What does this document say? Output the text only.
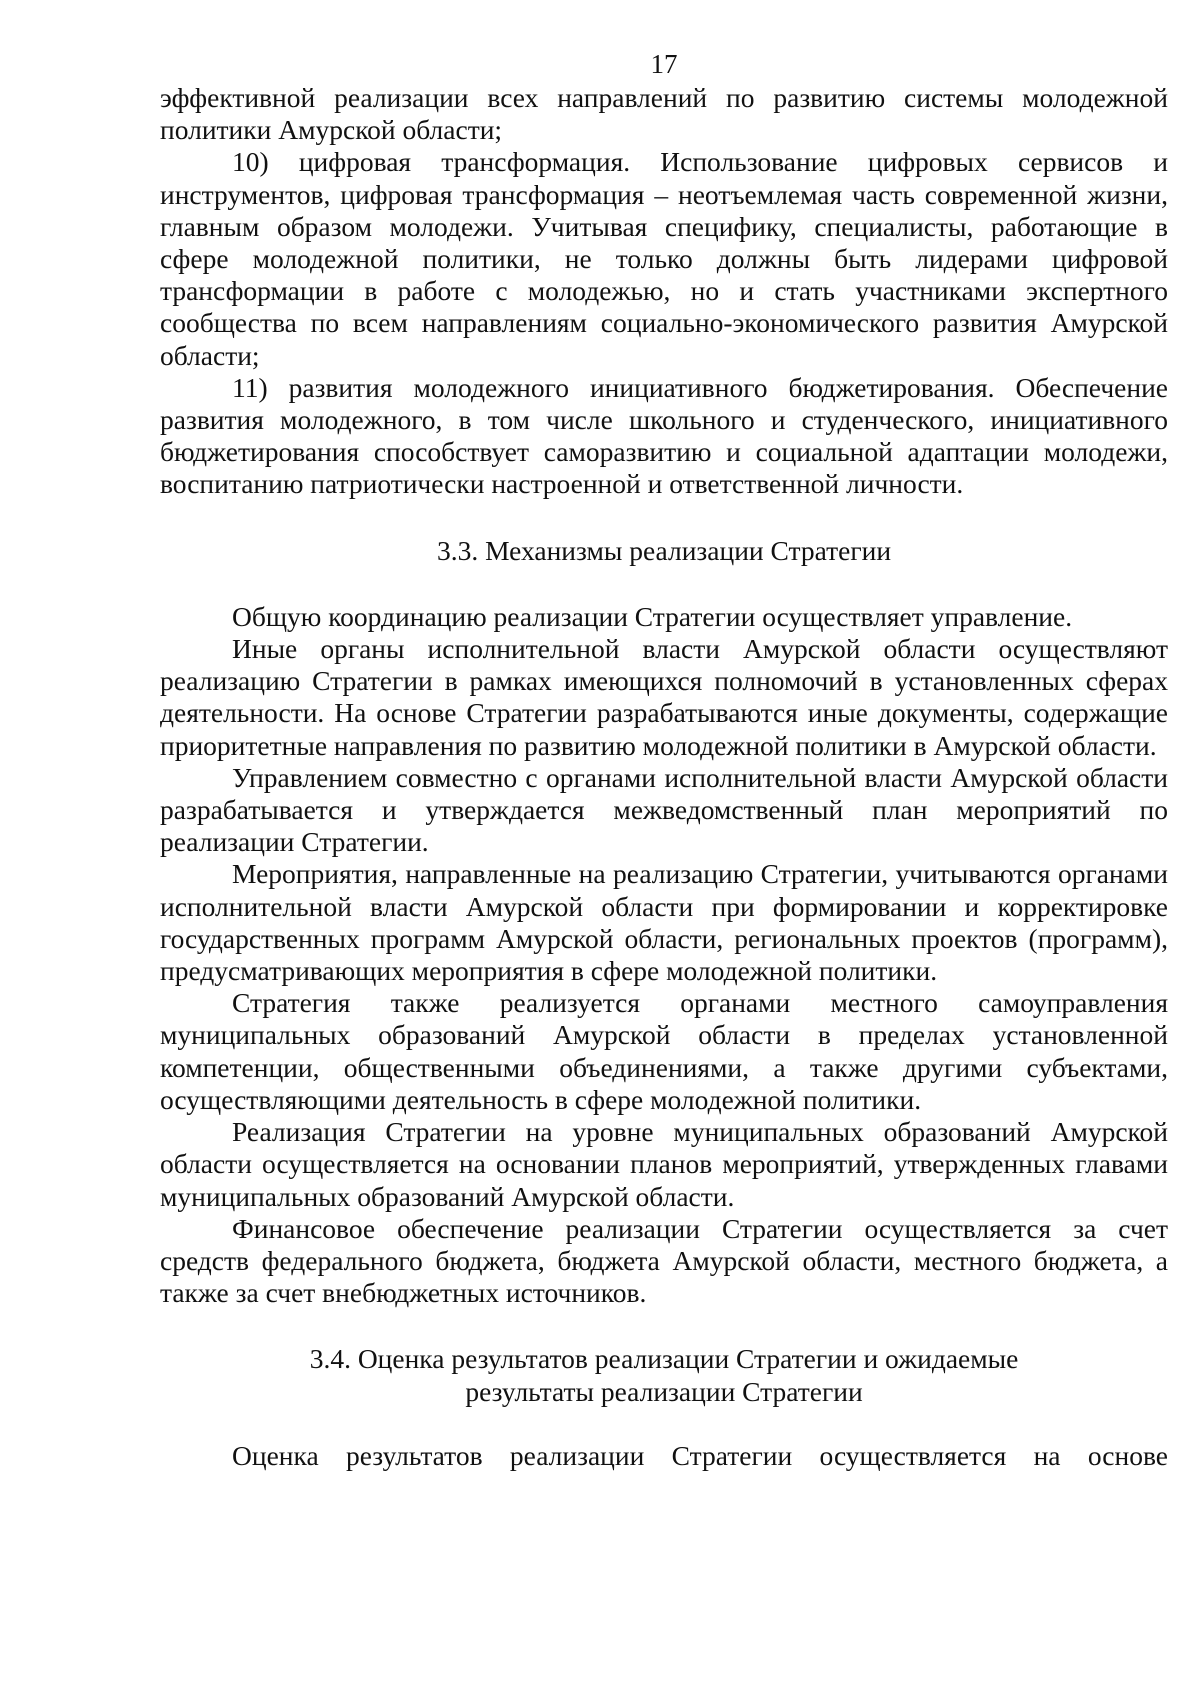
17

эффективной реализации всех направлений по развитию системы молодежной политики Амурской области;

10) цифровая трансформация. Использование цифровых сервисов и инструментов, цифровая трансформация – неотъемлемая часть современной жизни, главным образом молодежи. Учитывая специфику, специалисты, работающие в сфере молодежной политики, не только должны быть лидерами цифровой трансформации в работе с молодежью, но и стать участниками экспертного сообщества по всем направлениям социально-экономического развития Амурской области;

11) развития молодежного инициативного бюджетирования. Обеспечение развития молодежного, в том числе школьного и студенческого, инициативного бюджетирования способствует саморазвитию и социальной адаптации молодежи, воспитанию патриотически настроенной и ответственной личности.

3.3. Механизмы реализации Стратегии

Общую координацию реализации Стратегии осуществляет управление.

Иные органы исполнительной власти Амурской области осуществляют реализацию Стратегии в рамках имеющихся полномочий в установленных сферах деятельности. На основе Стратегии разрабатываются иные документы, содержащие приоритетные направления по развитию молодежной политики в Амурской области.

Управлением совместно с органами исполнительной власти Амурской области разрабатывается и утверждается межведомственный план мероприятий по реализации Стратегии.

Мероприятия, направленные на реализацию Стратегии, учитываются органами исполнительной власти Амурской области при формировании и корректировке государственных программ Амурской области, региональных проектов (программ), предусматривающих мероприятия в сфере молодежной политики.

Стратегия также реализуется органами местного самоуправления муниципальных образований Амурской области в пределах установленной компетенции, общественными объединениями, а также другими субъектами, осуществляющими деятельность в сфере молодежной политики.

Реализация Стратегии на уровне муниципальных образований Амурской области осуществляется на основании планов мероприятий, утвержденных главами муниципальных образований Амурской области.

Финансовое обеспечение реализации Стратегии осуществляется за счет средств федерального бюджета, бюджета Амурской области, местного бюджета, а также за счет внебюджетных источников.

3.4. Оценка результатов реализации Стратегии и ожидаемые
результаты реализации Стратегии

Оценка результатов реализации Стратегии осуществляется на основе
